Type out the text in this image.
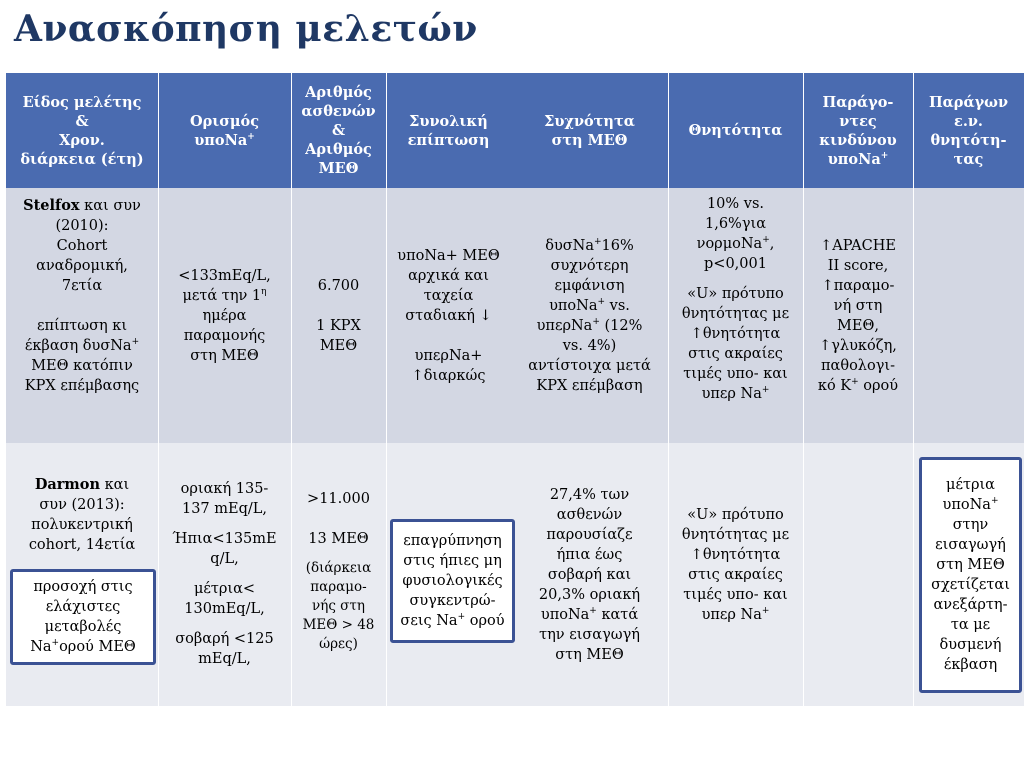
Ανασκόπηση μελετών

Είδος μελέτης

&

Χρον.

διάρκεια (έτη)

Ορισμός

υποNa+

Αριθμός

ασθενών

&

Αριθμός

ΜΕΘ

Συνολική

επίπτωση

Συχνότητα

στη ΜΕΘ

Θνητότητα

Παράγο-

ντες

κινδύνου

υποNa+

Παράγων

ε.ν.

θνητότη-

τας

Stelfox και συν

(2010):

Cohort

αναδρομική,

7ετία

επίπτωση κι

έκβαση δυσNa+

ΜΕΘ κατόπιν

ΚΡΧ επέμβασης

<133mEq/L,

μετά την $1^\eta$

ημέρα

παραμονής

στη ΜΕΘ

6.700

1 ΚΡΧ

ΜΕΘ

υποNa+ ΜΕΘ

αρχικά και

ταχεία

σταδιακή ↓

υπερNa+

↑διαρκώς

δυσNa+16%

συχνότερη

εμφάνιση

υποNa+ vs.

υπερNa+ (12%

vs. 4%)

αντίστοιχα μετά

ΚΡΧ επέμβαση

10% vs.

1,6%για

νορμοNa+,

p<0,001

«U» πρότυπο

θνητότητας με

↑θνητότητα

στις ακραίες

τιμές υπο- και

υπερ Na+

↑APACHE

II score,

↑παραμο-

νή στη

ΜΕΘ,

↑γλυκόζη,

παθολογι-

κό Κ+ ορού

Darmon και

συν (2013):

πολυκεντρική

cohort, 14ετία

οριακή 135-

137 mEq/L,

Ήπια<135mE

q/L,

μέτρια<

130mEq/L,

σοβαρή <125

mEq/L,

>11.000

13 ΜΕΘ

(διάρκεια

παραμο-

νής στη

ΜΕΘ > 48

ώρες)

27,4% των

ασθενών

παρουσίαζε

ήπια έως

σοβαρή και

20,3% οριακή

υποNa+ κατά

την εισαγωγή

στη ΜΕΘ

«U» πρότυπο

θνητότητας με

↑θνητότητα

στις ακραίες

τιμές υπο- και

υπερ Na+

προσοχή στις

ελάχιστες

μεταβολές

Na+ορού ΜΕΘ

επαγρύπνηση

στις ήπιες μη

φυσιολογικές

συγκεντρώ-

σεις Na+ ορού

μέτρια

υποNa+

στην

εισαγωγή

στη ΜΕΘ

σχετίζεται

ανεξάρτη-

τα με

δυσμενή

έκβαση
